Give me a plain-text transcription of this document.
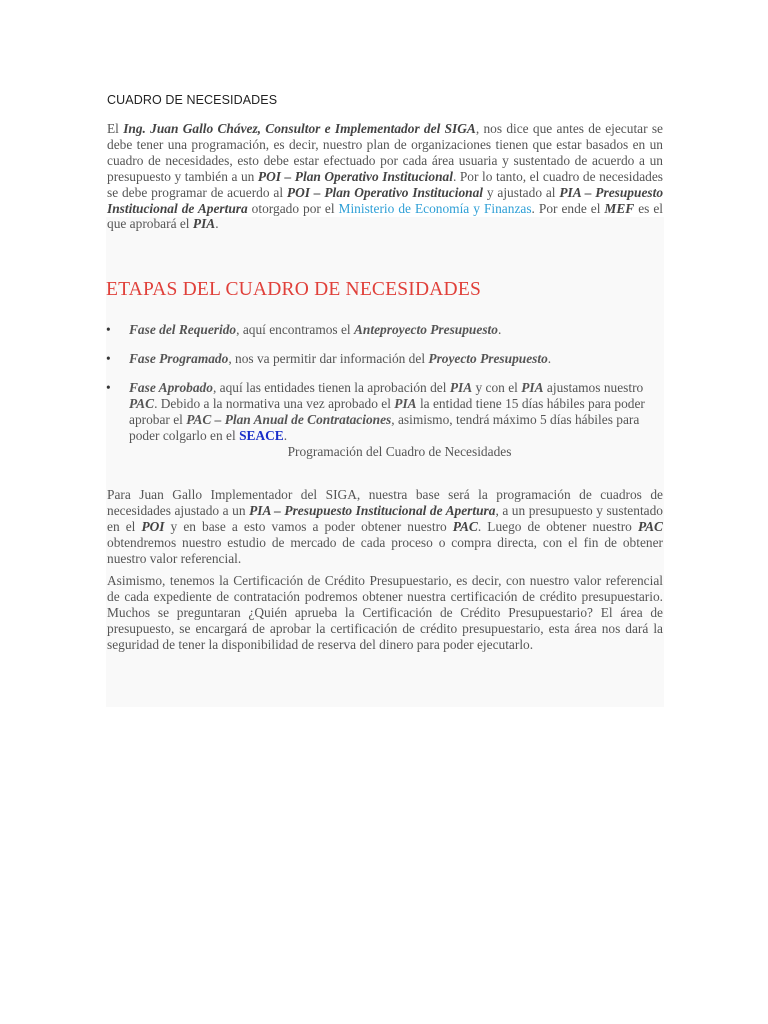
CUADRO DE NECESIDADES

El Ing. Juan Gallo Chávez, Consultor e Implementador del SIGA, nos dice que antes de ejecutar se debe tener una programación, es decir, nuestro plan de organizaciones tienen que estar basados en un cuadro de necesidades, esto debe estar efectuado por cada área usuaria y sustentado de acuerdo a un presupuesto y también a un POI – Plan Operativo Institucional. Por lo tanto, el cuadro de necesidades se debe programar de acuerdo al POI – Plan Operativo Institucional y ajustado al PIA – Presupuesto Institucional de Apertura otorgado por el Ministerio de Economía y Finanzas. Por ende el MEF es el que aprobará el PIA.

ETAPAS DEL CUADRO DE NECESIDADES
• Fase del Requerido, aquí encontramos el Anteproyecto Presupuesto.
• Fase Programado, nos va permitir dar información del Proyecto Presupuesto.
• Fase Aprobado, aquí las entidades tienen la aprobación del PIA y con el PIA ajustamos nuestro PAC. Debido a la normativa una vez aprobado el PIA la entidad tiene 15 días hábiles para poder aprobar el PAC – Plan Anual de Contrataciones, asimismo, tendrá máximo 5 días hábiles para poder colgarlo en el SEACE.
Programación del Cuadro de Necesidades

Para Juan Gallo Implementador del SIGA, nuestra base será la programación de cuadros de necesidades ajustado a un PIA – Presupuesto Institucional de Apertura, a un presupuesto y sustentado en el POI y en base a esto vamos a poder obtener nuestro PAC. Luego de obtener nuestro PAC obtendremos nuestro estudio de mercado de cada proceso o compra directa, con el fin de obtener nuestro valor referencial.

Asimismo, tenemos la Certificación de Crédito Presupuestario, es decir, con nuestro valor referencial de cada expediente de contratación podremos obtener nuestra certificación de crédito presupuestario. Muchos se preguntaran ¿Quién aprueba la Certificación de Crédito Presupuestario? El área de presupuesto, se encargará de aprobar la certificación de crédito presupuestario, esta área nos dará la seguridad de tener la disponibilidad de reserva del dinero para poder ejecutarlo.
